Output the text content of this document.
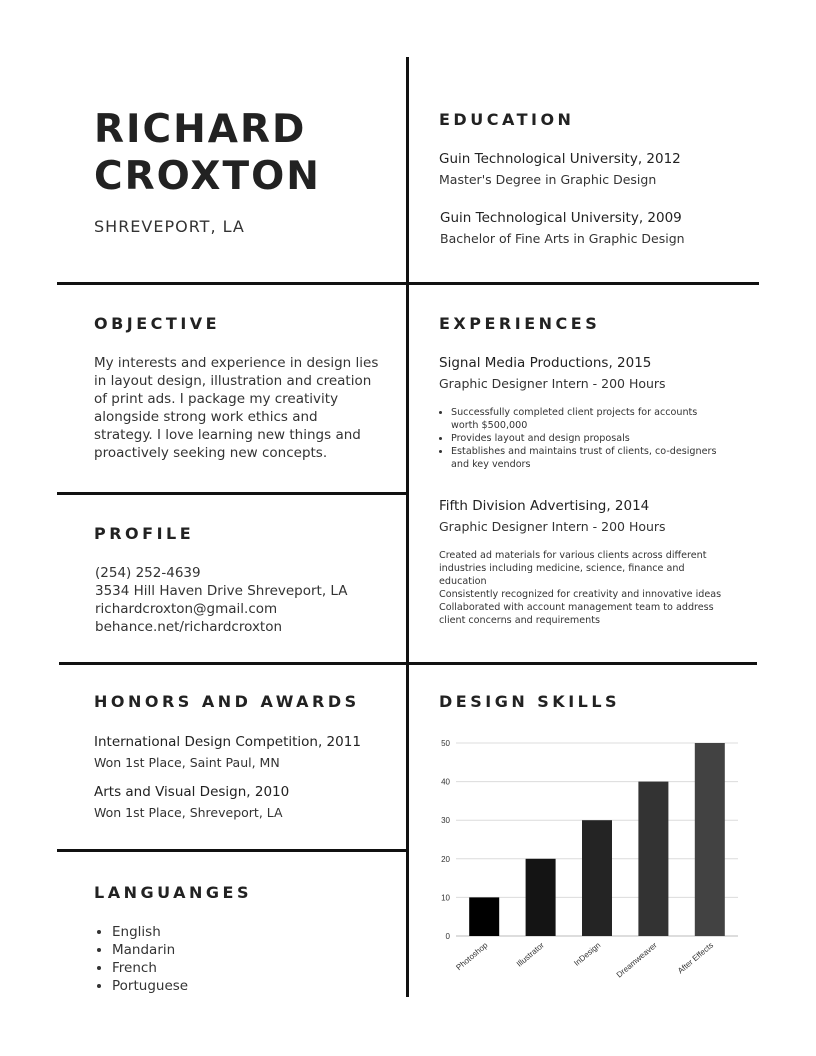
RICHARD
CROXTON
SHREVEPORT, LA
EDUCATION
Guin Technological University, 2012
Master's Degree in Graphic Design
Guin Technological University, 2009
Bachelor of Fine Arts in Graphic Design
OBJECTIVE
My interests and experience in design lies
in layout design, illustration and creation
of print ads. I package my creativity
alongside strong work ethics and
strategy. I love learning new things and
proactively seeking new concepts.
EXPERIENCES
Signal Media Productions, 2015
Graphic Designer Intern - 200 Hours
• Successfully completed client projects for accounts
worth $500,000
• Provides layout and design proposals
• Establishes and maintains trust of clients, co-designers
and key vendors
Fifth Division Advertising, 2014
Graphic Designer Intern - 200 Hours
Created ad materials for various clients across different
industries including medicine, science, finance and
education
Consistently recognized for creativity and innovative ideas
Collaborated with account management team to address
client concerns and requirements
PROFILE
(254) 252-4639
3534 Hill Haven Drive Shreveport, LA
richardcroxton@gmail.com
behance.net/richardcroxton
HONORS AND AWARDS
International Design Competition, 2011
Won 1st Place, Saint Paul, MN
Arts and Visual Design, 2010
Won 1st Place, Shreveport, LA
LANGUANGES
• English
• Mandarin
• French
• Portuguese
DESIGN SKILLS
0
10
20
30
40
50
Photoshop	Illustrator	InDesign Dreamweaver After Effects
